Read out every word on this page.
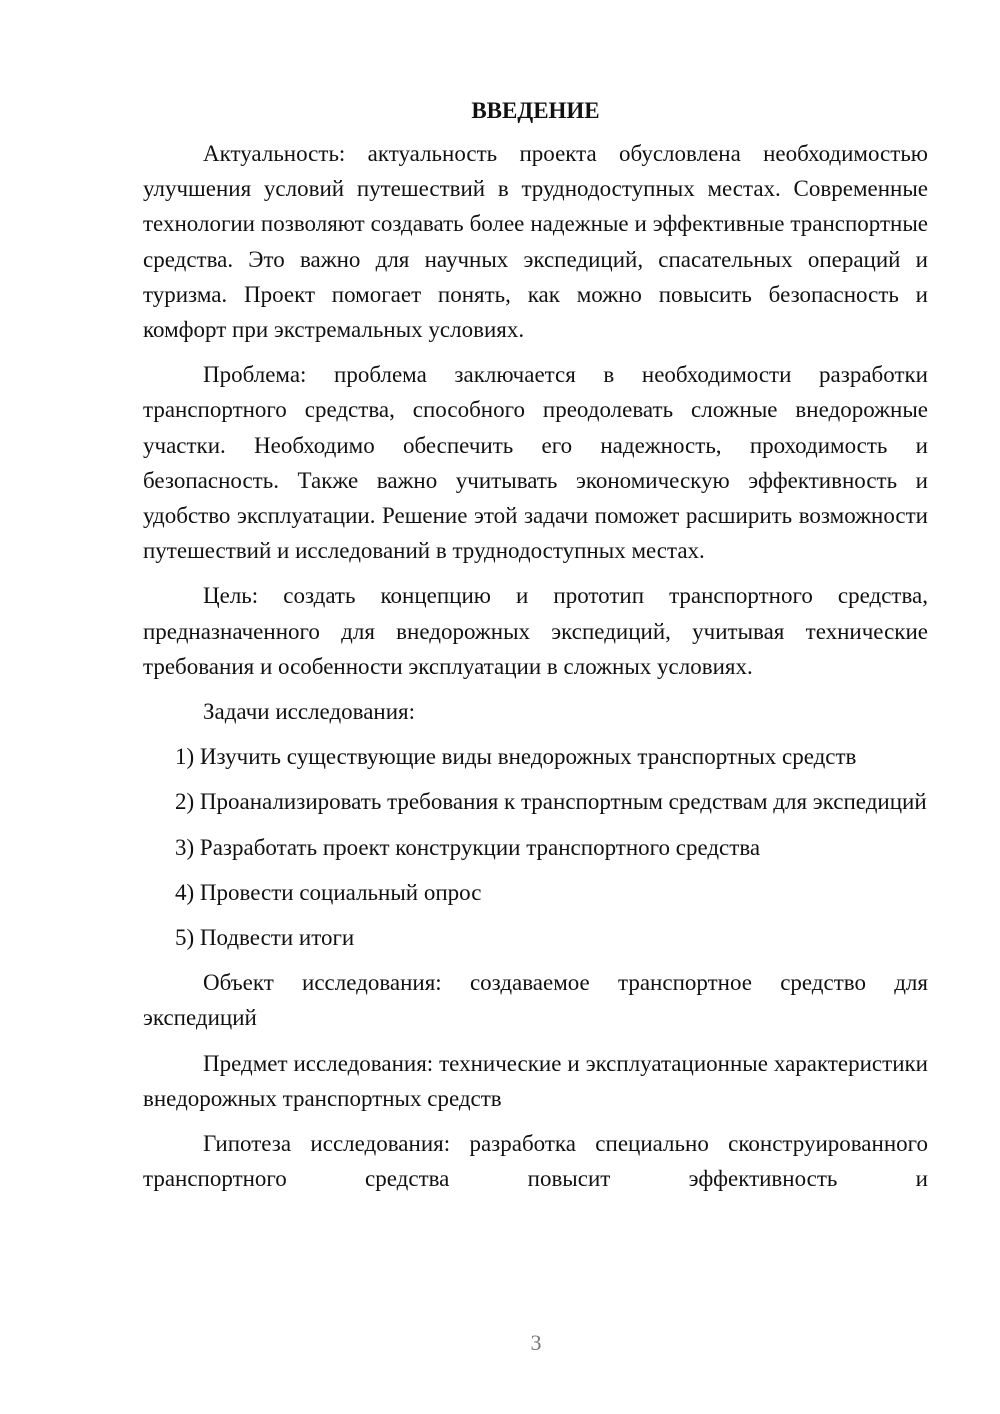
ВВЕДЕНИЕ

Актуальность: актуальность проекта обусловлена необходимостью улучшения условий путешествий в труднодоступных местах. Современные технологии позволяют создавать более надежные и эффективные транспортные средства. Это важно для научных экспедиций, спасательных операций и туризма. Проект помогает понять, как можно повысить безопасность и комфорт при экстремальных условиях.

Проблема: проблема заключается в необходимости разработки транспортного средства, способного преодолевать сложные внедорожные участки. Необходимо обеспечить его надежность, проходимость и безопасность. Также важно учитывать экономическую эффективность и удобство эксплуатации. Решение этой задачи поможет расширить возможности путешествий и исследований в труднодоступных местах.

Цель: создать концепцию и прототип транспортного средства, предназначенного для внедорожных экспедиций, учитывая технические требования и особенности эксплуатации в сложных условиях.

Задачи исследования:

1) Изучить существующие виды внедорожных транспортных средств

2) Проанализировать требования к транспортным средствам для экспедиций

3) Разработать проект конструкции транспортного средства

4) Провести социальный опрос

5) Подвести итоги

Объект исследования: создаваемое транспортное средство для экспедиций

Предмет исследования: технические и эксплуатационные характеристики внедорожных транспортных средств

Гипотеза исследования: разработка специально сконструированного транспортного средства повысит эффективность и

3
